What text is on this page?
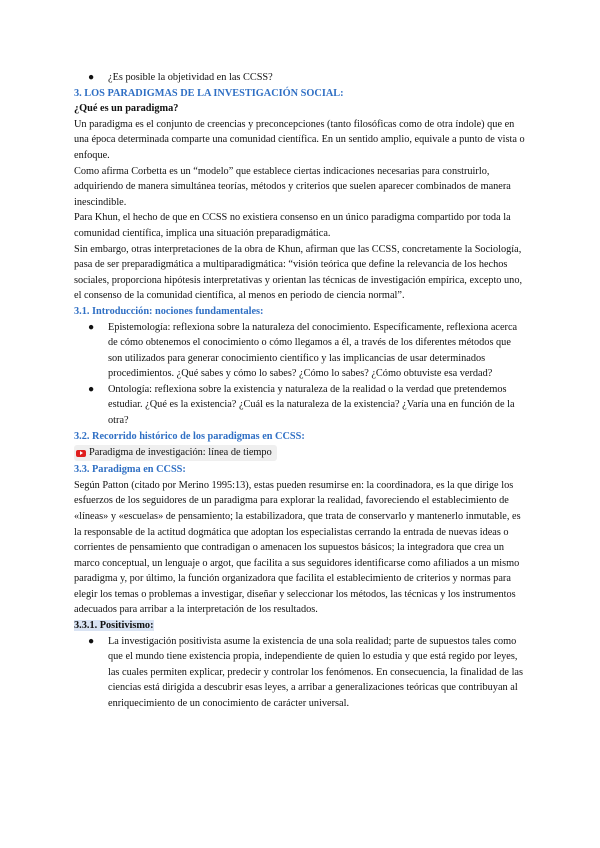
● ¿Es posible la objetividad en las CCSS?

3. LOS PARADIGMAS DE LA INVESTIGACIÓN SOCIAL:

¿Qué es un paradigma?

Un paradigma es el conjunto de creencias y preconcepciones (tanto filosóficas como de otra índole) que en una época determinada comparte una comunidad científica. En un sentido amplio, equivale a punto de vista o enfoque.

Como afirma Corbetta es un “modelo” que establece ciertas indicaciones necesarias para construirlo, adquiriendo de manera simultánea teorías, métodos y criterios que suelen aparecer combinados de manera inescindible.

Para Khun, el hecho de que en CCSS no existiera consenso en un único paradigma compartido por toda la comunidad científica, implica una situación preparadigmática.

Sin embargo, otras interpretaciones de la obra de Khun, afirman que las CCSS, concretamente la Sociología, pasa de ser preparadigmática a multiparadigmática: “visión teórica que define la relevancia de los hechos sociales, proporciona hipótesis interpretativas y orientan las técnicas de investigación empírica, excepto uno, el consenso de la comunidad científica, al menos en periodo de ciencia normal”.

3.1. Introducción: nociones fundamentales:

● Epistemología: reflexiona sobre la naturaleza del conocimiento. Específicamente, reflexiona acerca de cómo obtenemos el conocimiento o cómo llegamos a él, a través de los diferentes métodos que son utilizados para generar conocimiento científico y las implicancias de usar determinados procedimientos. ¿Qué sabes y cómo lo sabes? ¿Cómo lo sabes? ¿Cómo obtuviste esa verdad?
● Ontología: reflexiona sobre la existencia y naturaleza de la realidad o la verdad que pretendemos estudiar. ¿Qué es la existencia? ¿Cuál es la naturaleza de la existencia? ¿Varía una en función de la otra?

3.2. Recorrido histórico de los paradigmas en CCSS:

Paradigma de investigación: línea de tiempo

3.3. Paradigma en CCSS:

Según Patton (citado por Merino 1995:13), estas pueden resumirse en: la coordinadora, es la que dirige los esfuerzos de los seguidores de un paradigma para explorar la realidad, favoreciendo el establecimiento de «líneas» y «escuelas» de pensamiento; la estabilizadora, que trata de conservarlo y mantenerlo inmutable, es la responsable de la actitud dogmática que adoptan los especialistas cerrando la entrada de nuevas ideas o corrientes de pensamiento que contradigan o amenacen los supuestos básicos; la integradora que crea un marco conceptual, un lenguaje o argot, que facilita a sus seguidores identificarse como afiliados a un mismo paradigma y, por último, la función organizadora que facilita el establecimiento de criterios y normas para elegir los temas o problemas a investigar, diseñar y seleccionar los métodos, las técnicas y los instrumentos adecuados para arribar a la interpretación de los resultados.

3.3.1. Positivismo:

● La investigación positivista asume la existencia de una sola realidad; parte de supuestos tales como que el mundo tiene existencia propia, independiente de quien lo estudia y que está regido por leyes, las cuales permiten explicar, predecir y controlar los fenómenos. En consecuencia, la finalidad de las ciencias está dirigida a descubrir esas leyes, a arribar a generalizaciones teóricas que contribuyan al enriquecimiento de un conocimiento de carácter universal.
